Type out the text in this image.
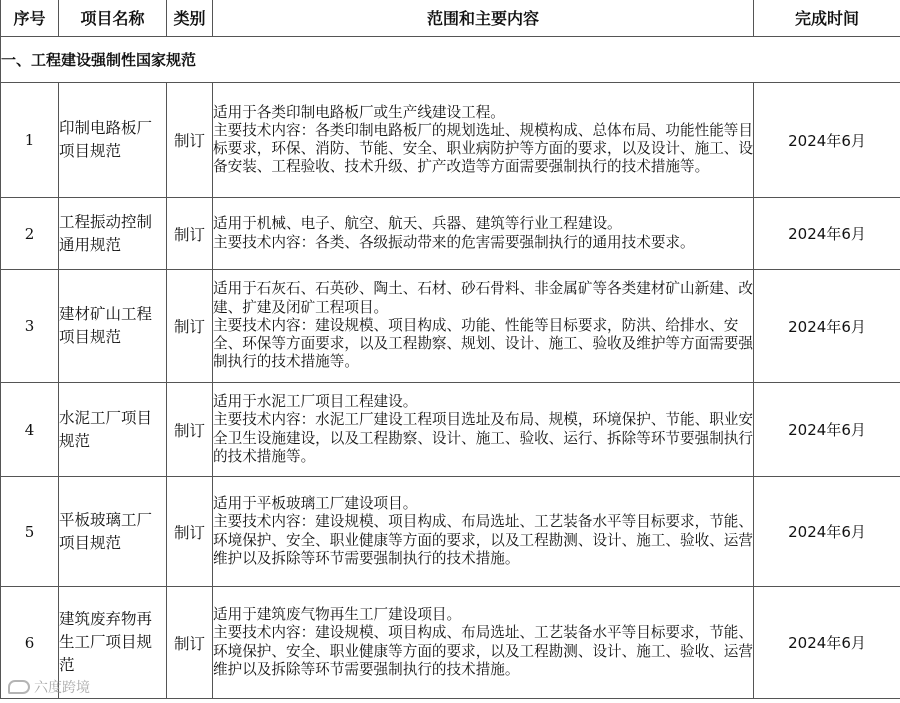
序号	项目名称	类别	范围和主要内容	完成时间
一、工程建设强制性国家规范				
1	印制电路板厂项目规范	制订	适用于各类印制电路板厂或生产线建设工程。
主要技术内容：各类印制电路板厂的规划选址、规模构成、总体布局、功能性能等目标要求，环保、消防、节能、安全、职业病防护等方面的要求，以及设计、施工、设备安装、工程验收、技术升级、扩产改造等方面需要强制执行的技术措施等。	2024年6月
2	工程振动控制通用规范	制订	适用于机械、电子、航空、航天、兵器、建筑等行业工程建设。
主要技术内容：各类、各级振动带来的危害需要强制执行的通用技术要求。	2024年6月
3	建材矿山工程项目规范	制订	适用于石灰石、石英砂、陶土、石材、砂石骨料、非金属矿等各类建材矿山新建、改建、扩建及闭矿工程项目。
主要技术内容：建设规模、项目构成、功能、性能等目标要求，防洪、给排水、安全、环保等方面要求，以及工程勘察、规划、设计、施工、验收及维护等方面需要强制执行的技术措施等。	2024年6月
4	水泥工厂项目规范	制订	适用于水泥工厂项目工程建设。
主要技术内容：水泥工厂建设工程项目选址及布局、规模，环境保护、节能、职业安全卫生设施建设，以及工程勘察、设计、施工、验收、运行、拆除等环节要强制执行的技术措施等。	2024年6月
5	平板玻璃工厂项目规范	制订	适用于平板玻璃工厂建设项目。
主要技术内容：建设规模、项目构成、布局选址、工艺装备水平等目标要求，节能、环境保护、安全、职业健康等方面的要求，以及工程勘测、设计、施工、验收、运营维护以及拆除等环节需要强制执行的技术措施。	2024年6月
6	建筑废弃物再生工厂项目规范	制订	适用于建筑废气物再生工厂建设项目。
主要技术内容：建设规模、项目构成、布局选址、工艺装备水平等目标要求，节能、环境保护、安全、职业健康等方面的要求，以及工程勘测、设计、施工、验收、运营维护以及拆除等环节需要强制执行的技术措施。	2024年6月
六度跨境
